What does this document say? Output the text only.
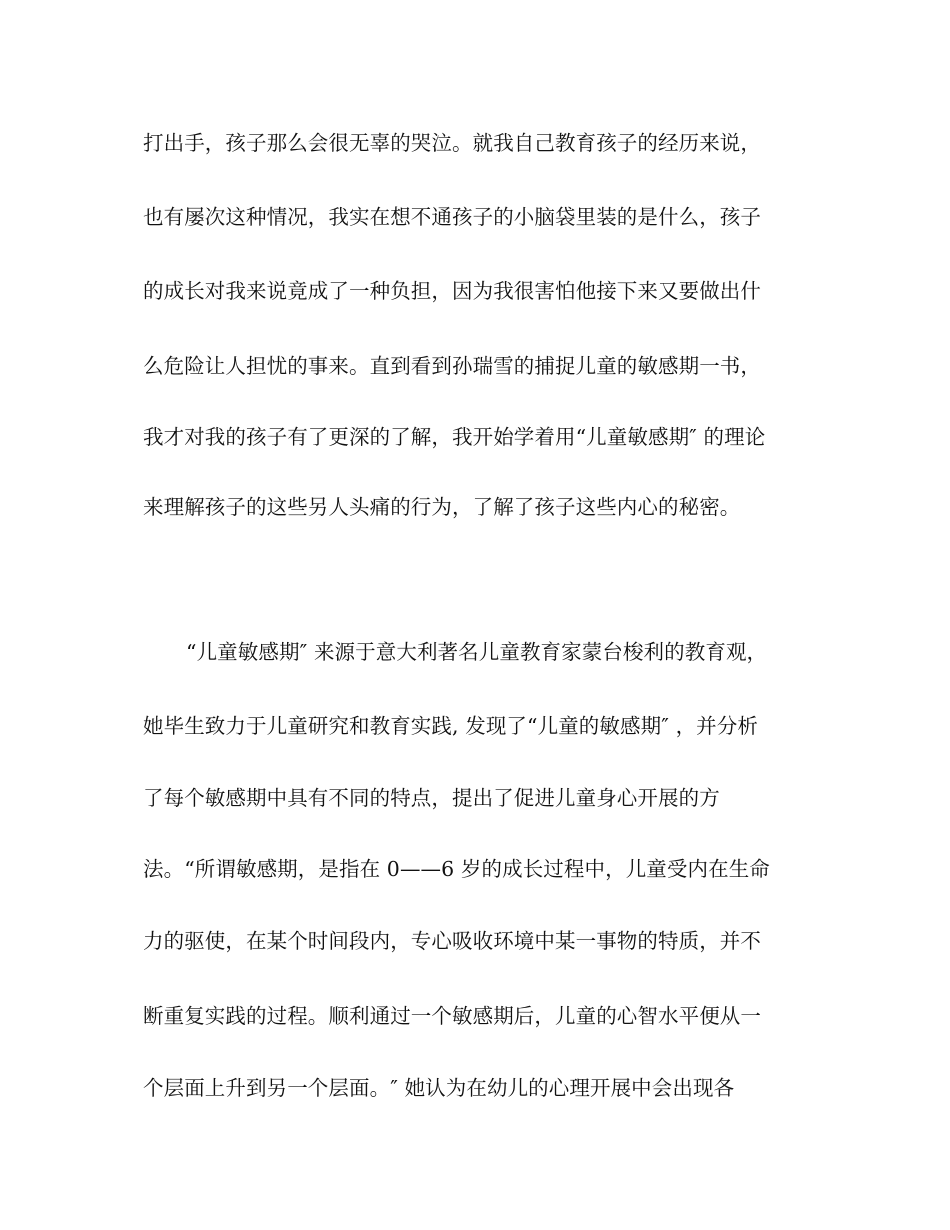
打出手，孩子那么会很无辜的哭泣。就我自己教育孩子的经历来说，
也有屡次这种情况，我实在想不通孩子的小脑袋里装的是什么，孩子
的成长对我来说竟成了一种负担，因为我很害怕他接下来又要做出什
么危险让人担忧的事来。直到看到孙瑞雪的捕捉儿童的敏感期一书，
我才对我的孩子有了更深的了解，我开始学着用“儿童敏感期″ 的理论
来理解孩子的这些另人头痛的行为，了解了孩子这些内心的秘密。
“儿童敏感期″ 来源于意大利著名儿童教育家蒙台梭利的教育观，
她毕生致力于儿童研究和教育实践, 发现了“儿童的敏感期″ ，并分析
了每个敏感期中具有不同的特点，提出了促进儿童身心开展的方
法。“所谓敏感期，是指在 0——6 岁的成长过程中，儿童受内在生命
力的驱使，在某个时间段内，专心吸收环境中某一事物的特质，并不
断重复实践的过程。顺利通过一个敏感期后，儿童的心智水平便从一
个层面上升到另一个层面。″ 她认为在幼儿的心理开展中会出现各
